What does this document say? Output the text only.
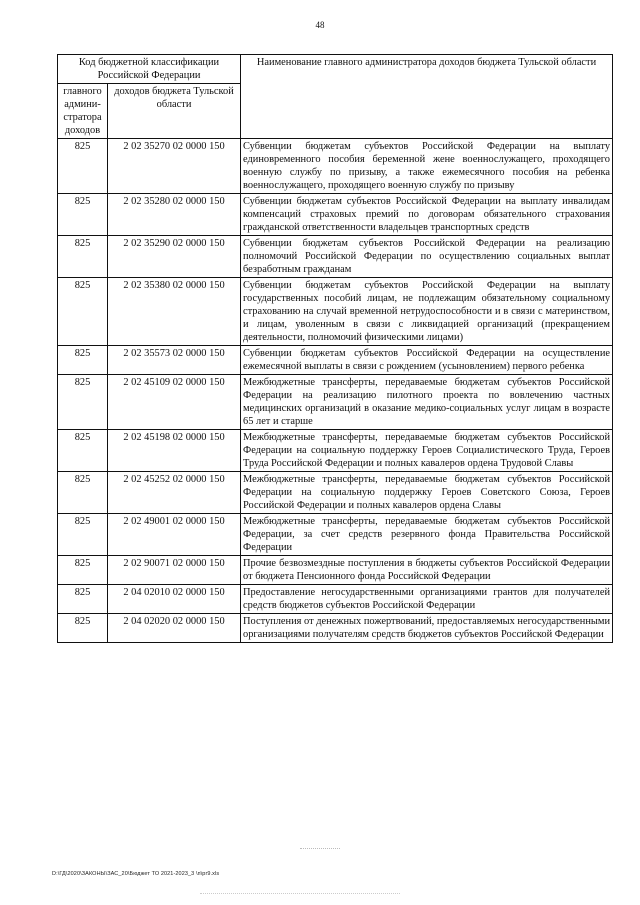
48
Код бюджетной классификации Российской Федерации		Наименование главного администратора доходов бюджета Тульской области
главного админи-стратора доходов	доходов бюджета Тульской области	
825	2 02 35270 02 0000 150	Субвенции бюджетам субъектов Российской Федерации на выплату единовременного пособия беременной жене военнослужащего, проходящего военную службу по призыву, а также ежемесячного пособия на ребенка военнослужащего, проходящего военную службу по призыву
825	2 02 35280 02 0000 150	Субвенции бюджетам субъектов Российской Федерации на выплату инвалидам компенсаций страховых премий по договорам обязательного страхования гражданской ответственности владельцев транспортных средств
825	2 02 35290 02 0000 150	Субвенции бюджетам субъектов Российской Федерации на реализацию полномочий Российской Федерации по осуществлению социальных выплат безработным гражданам
825	2 02 35380 02 0000 150	Субвенции бюджетам субъектов Российской Федерации на выплату государственных пособий лицам, не подлежащим обязательному социальному страхованию на случай временной нетрудоспособности и в связи с материнством, и лицам, уволенным в связи с ликвидацией организаций (прекращением деятельности, полномочий физическими лицами)
825	2 02 35573 02 0000 150	Субвенции бюджетам субъектов Российской Федерации на осуществление ежемесячной выплаты в связи с рождением (усыновлением) первого ребенка
825	2 02 45109 02 0000 150	Межбюджетные трансферты, передаваемые бюджетам субъектов Российской Федерации на реализацию пилотного проекта по вовлечению частных медицинских организаций в оказание медико-социальных услуг лицам в возрасте 65 лет и старше
825	2 02 45198 02 0000 150	Межбюджетные трансферты, передаваемые бюджетам субъектов Российской Федерации на социальную поддержку Героев Социалистического Труда, Героев Труда Российской Федерации и полных кавалеров ордена Трудовой Славы
825	2 02 45252 02 0000 150	Межбюджетные трансферты, передаваемые бюджетам субъектов Российской Федерации на социальную поддержку Героев Советского Союза, Героев Российской Федерации и полных кавалеров ордена Славы
825	2 02 49001 02 0000 150	Межбюджетные трансферты, передаваемые бюджетам субъектов Российской Федерации, за счет средств резервного фонда Правительства Российской Федерации
825	2 02 90071 02 0000 150	Прочие безвозмездные поступления в бюджеты субъектов Российской Федерации от бюджета Пенсионного фонда Российской Федерации
825	2 04 02010 02 0000 150	Предоставление негосударственными организациями грантов для получателей средств бюджетов субъектов Российской Федерации
825	2 04 02020 02 0000 150	Поступления от денежных пожертвований, предоставляемых негосударственными организациями получателям средств бюджетов субъектов Российской Федерации
D:\ГД\2020\ЗАКОНЫ\ЗАС_20\Бюджет ТО 2021-2023_3 \п\pr9.xls
